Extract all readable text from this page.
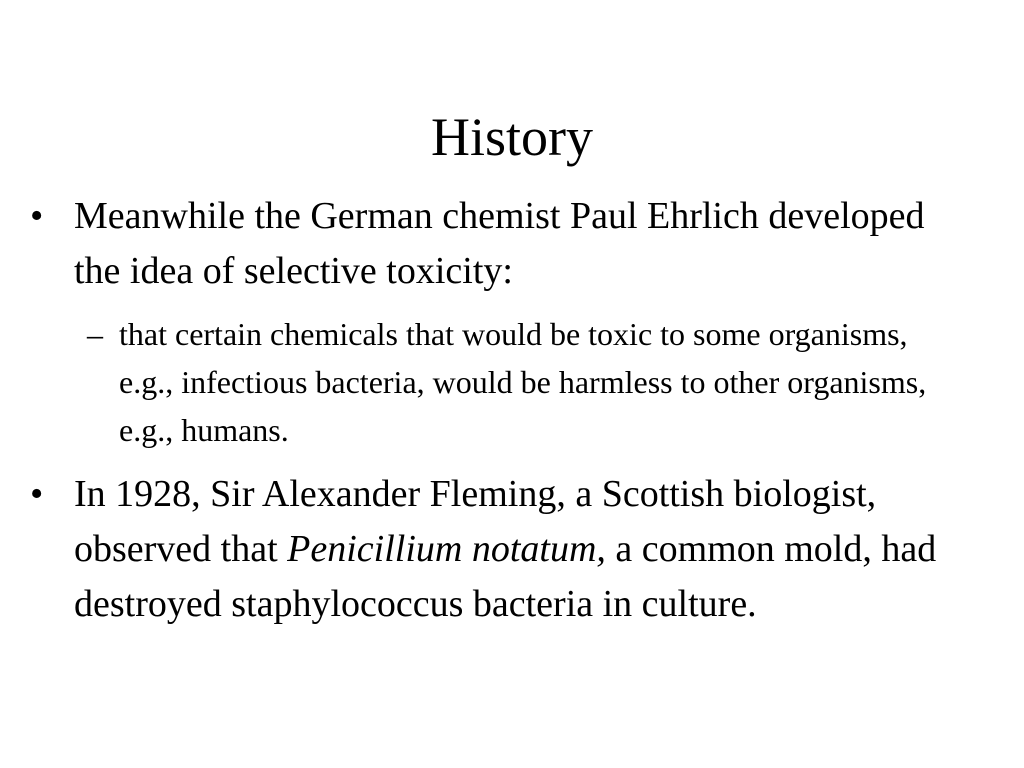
History
• Meanwhile the German chemist Paul Ehrlich developed the idea of selective toxicity:
– that certain chemicals that would be toxic to some organisms, e.g., infectious bacteria, would be harmless to other organisms, e.g., humans.
• In 1928, Sir Alexander Fleming, a Scottish biologist, observed that Penicillium notatum, a common mold, had destroyed staphylococcus bacteria in culture.
